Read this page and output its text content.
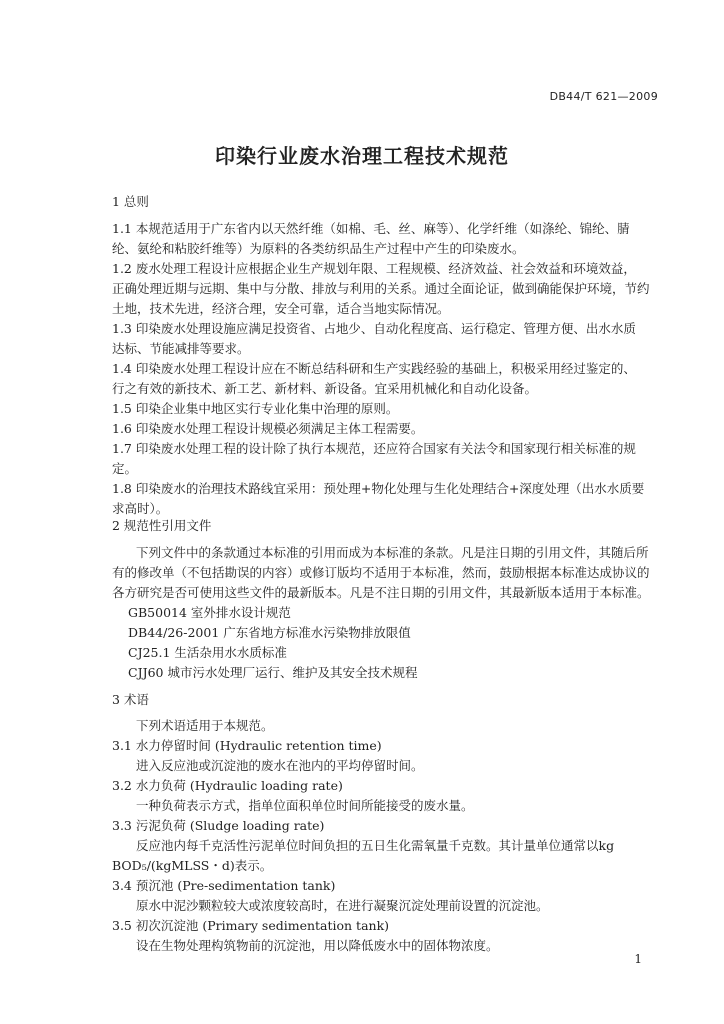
DB44/T 621—2009
印染行业废水治理工程技术规范
1 总则
1.1 本规范适用于广东省内以天然纤维（如棉、毛、丝、麻等）、化学纤维（如涤纶、锦纶、腈
纶、氨纶和粘胶纤维等）为原料的各类纺织品生产过程中产生的印染废水。
1.2 废水处理工程设计应根据企业生产规划年限、工程规模、经济效益、社会效益和环境效益，
正确处理近期与远期、集中与分散、排放与利用的关系。通过全面论证，做到确能保护环境，节约
土地，技术先进，经济合理，安全可靠，适合当地实际情况。
1.3 印染废水处理设施应满足投资省、占地少、自动化程度高、运行稳定、管理方便、出水水质
达标、节能减排等要求。
1.4 印染废水处理工程设计应在不断总结科研和生产实践经验的基础上，积极采用经过鉴定的、
行之有效的新技术、新工艺、新材料、新设备。宜采用机械化和自动化设备。
1.5 印染企业集中地区实行专业化集中治理的原则。
1.6 印染废水处理工程设计规模必须满足主体工程需要。
1.7 印染废水处理工程的设计除了执行本规范，还应符合国家有关法令和国家现行相关标准的规
定。
1.8 印染废水的治理技术路线宜采用：预处理+物化处理与生化处理结合+深度处理（出水水质要
求高时）。
2 规范性引用文件
下列文件中的条款通过本标准的引用而成为本标准的条款。凡是注日期的引用文件，其随后所
有的修改单（不包括勘误的内容）或修订版均不适用于本标准，然而，鼓励根据本标准达成协议的
各方研究是否可使用这些文件的最新版本。凡是不注日期的引用文件，其最新版本适用于本标准。
GB50014 室外排水设计规范
DB44/26-2001 广东省地方标准水污染物排放限值
CJ25.1 生活杂用水水质标准
CJJ60 城市污水处理厂运行、维护及其安全技术规程
3 术语
下列术语适用于本规范。
3.1 水力停留时间 (Hydraulic retention time)
进入反应池或沉淀池的废水在池内的平均停留时间。
3.2 水力负荷 (Hydraulic loading rate)
一种负荷表示方式，指单位面积单位时间所能接受的废水量。
3.3 污泥负荷 (Sludge loading rate)
反应池内每千克活性污泥单位时间负担的五日生化需氧量千克数。其计量单位通常以kg
BOD₅/(kgMLSS・d)表示。
3.4 预沉池 (Pre-sedimentation tank)
原水中泥沙颗粒较大或浓度较高时，在进行凝聚沉淀处理前设置的沉淀池。
3.5 初次沉淀池 (Primary sedimentation tank)
设在生物处理构筑物前的沉淀池，用以降低废水中的固体物浓度。
1
